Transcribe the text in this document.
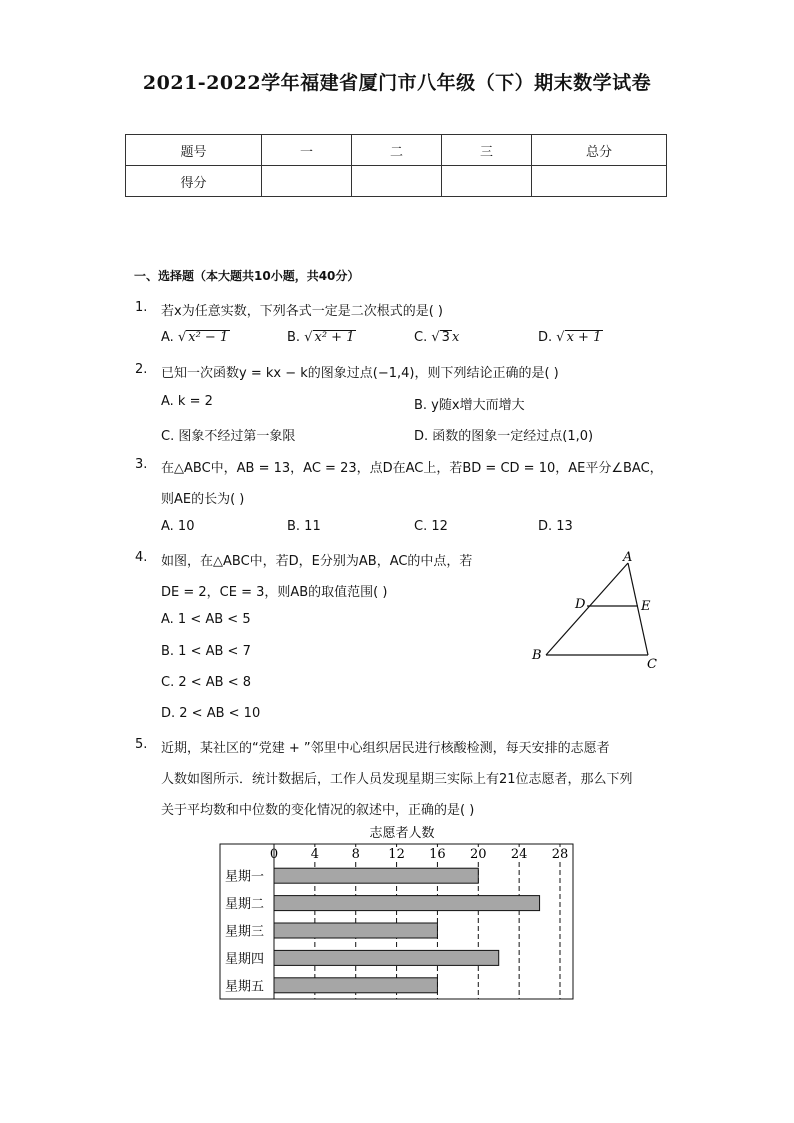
2021-2022学年福建省厦门市八年级（下）期末数学试卷
题号	一	二	三	总分
得分				
一、选择题（本大题共10小题，共40分）
1. 若x为任意实数，下列各式一定是二次根式的是( )
A. √ x² − 1	B. √ x² + 1	C. √ 3 x	D. √ x + 1
2. 已知一次函数y = kx − k的图象过点(−1,4)，则下列结论正确的是( )
A. k = 2	B. y随x增大而增大
C. 图象不经过第一象限	D. 函数的图象一定经过点(1,0)
3. 在△ABC中，AB = 13，AC = 23，点D在AC上，若BD = CD = 10，AE平分∠BAC，
则AE的长为( )
A. 10	B. 11	C. 12	D. 13
4. 如图，在△ABC中，若D，E分别为AB，AC的中点，若
DE = 2，CE = 3，则AB的取值范围( )
A. 1 < AB < 5
B. 1 < AB < 7
C. 2 < AB < 8
D. 2 < AB < 10
A
B
C
D	E
5. 近期，某社区的“党建 + ”邻里中心组织居民进行核酸检测，每天安排的志愿者
人数如图所示．统计数据后，工作人员发现星期三实际上有21位志愿者，那么下列
关于平均数和中位数的变化情况的叙述中，正确的是( )
志愿者人数
0	4	8 12 16 20 24 28
星期一
星期二
星期三
星期四
星期五
